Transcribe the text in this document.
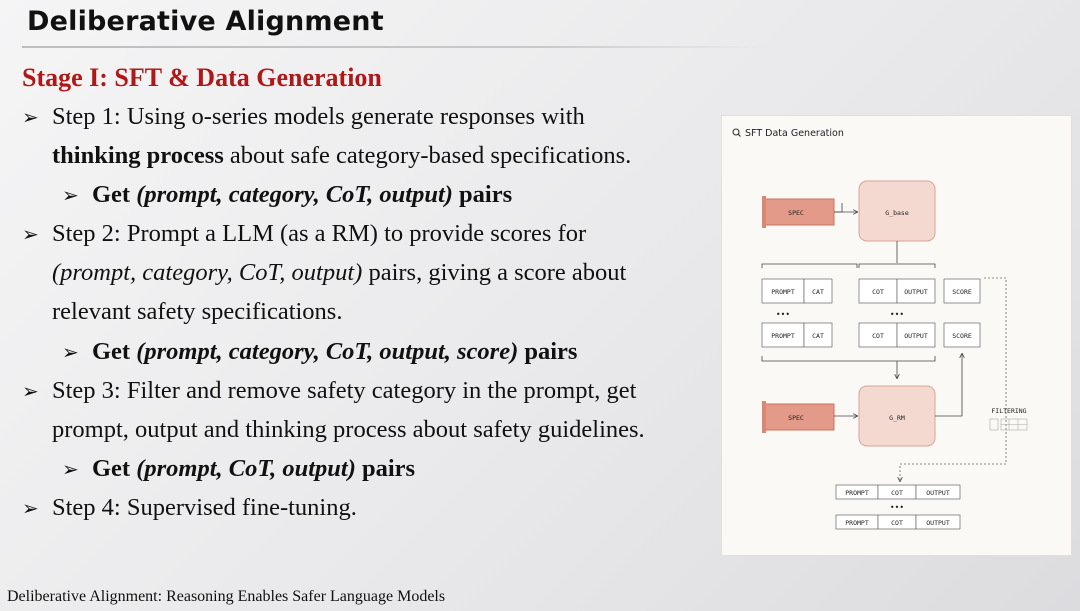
Deliberative Alignment
Stage I: SFT & Data Generation
➢ Step 1: Using o-series models generate responses with
thinking process about safe category-based specifications.
➢ Get (prompt, category, CoT, output) pairs
➢ Step 2: Prompt a LLM (as a RM) to provide scores for
(prompt, category, CoT, output) pairs, giving a score about
relevant safety specifications.
➢ Get (prompt, category, CoT, output, score) pairs
➢ Step 3: Filter and remove safety category in the prompt, get
prompt, output and thinking process about safety guidelines.
➢ Get (prompt, CoT, output) pairs
➢ Step 4: Supervised fine-tuning.
SFT Data Generation
SPEC	G_base
PROMPT	CAT	COT	OUTPUT	SCORE
•••	•••
PROMPT	CAT	COT	OUTPUT	SCORE
SPEC	G_RM
FILTERING
PROMPT	COT	OUTPUT
•••
PROMPT	COT	OUTPUT
Deliberative Alignment: Reasoning Enables Safer Language Models
